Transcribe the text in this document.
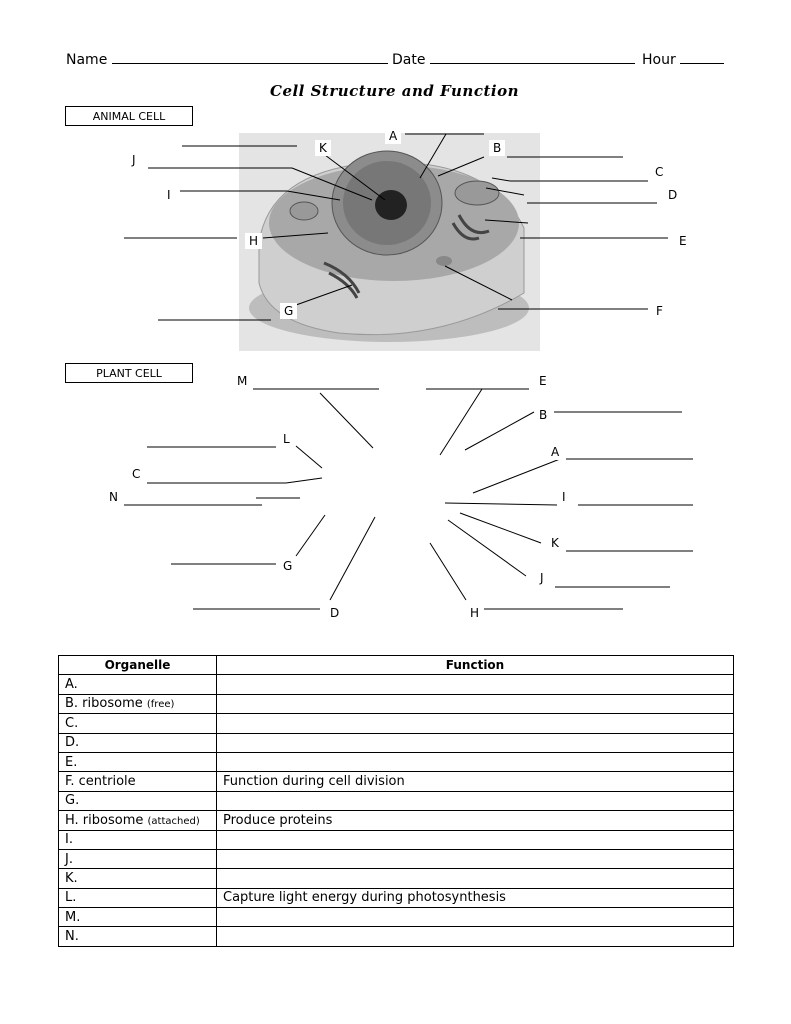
Name	Date	Hour
Cell Structure and Function
ANIMAL CELL
A
K	B
J
C
I	D
H	E
G	F
PLANT CELL
M	E
B
L
A
C
N	I
K
G
J
D	H
Organelle	Function
A.	
B. ribosome (free)	
C.	
D.	
E.	
F. centriole	Function during cell division
G.	
H. ribosome (attached)	Produce proteins
I.	
J.	
K.	
L.	Capture light energy during photosynthesis
M.	
N.	
